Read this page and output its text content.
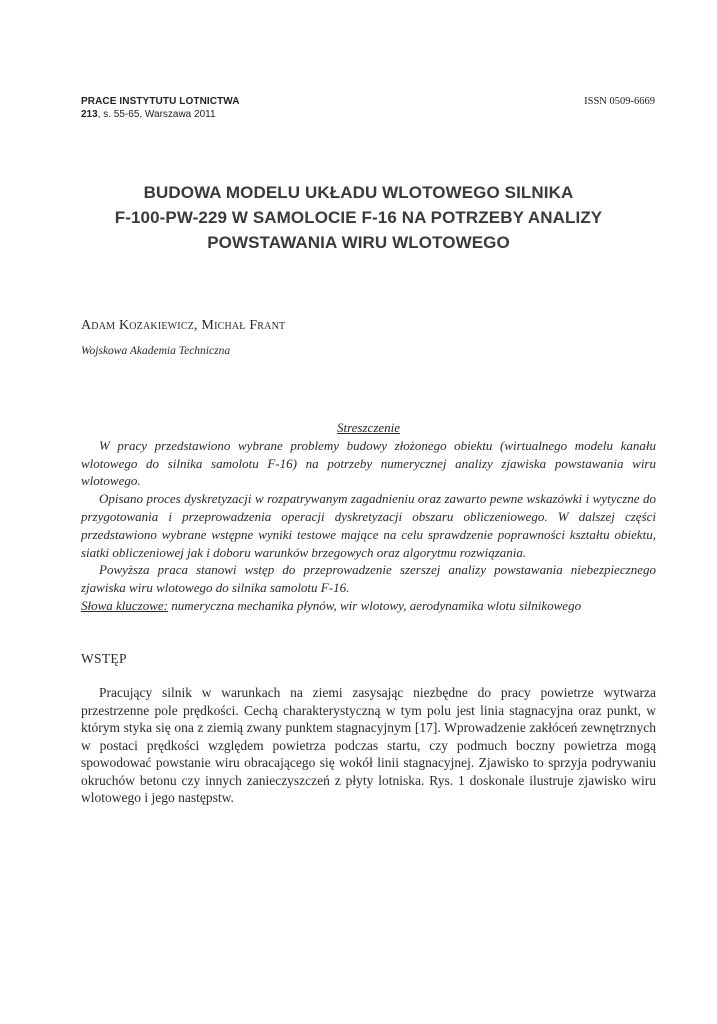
PRACE INSTYTUTU LOTNICTWA
213, s. 55-65, Warszawa 2011
ISSN 0509-6669
BUDOWA MODELU UKŁADU WLOTOWEGO SILNIKA
F-100-PW-229 W SAMOLOCIE F-16 NA POTRZEBY ANALIZY
POWSTAWANIA WIRU WLOTOWEGO
Adam Kozakiewicz, Michał Frant
Wojskowa Akademia Techniczna
Streszczenie

W pracy przedstawiono wybrane problemy budowy złożonego obiektu (wirtualnego modelu kanału wlotowego do silnika samolotu F-16) na potrzeby numerycznej analizy zjawiska powstawania wiru wlotowego.

Opisano proces dyskretyzacji w rozpatrywanym zagadnieniu oraz zawarto pewne wskazówki i wytyczne do przygotowania i przeprowadzenia operacji dyskretyzacji obszaru obliczeniowego. W dalszej części przedstawiono wybrane wstępne wyniki testowe mające na celu sprawdzenie poprawności kształtu obiektu, siatki obliczeniowej jak i doboru warunków brzegowych oraz algorytmu rozwiązania.

Powyższa praca stanowi wstęp do przeprowadzenie szerszej analizy powstawania niebezpiecznego zjawiska wiru wlotowego do silnika samolotu F-16.

Słowa kluczowe: numeryczna mechanika płynów, wir wlotowy, aerodynamika wlotu silnikowego

WSTĘP

Pracujący silnik w warunkach na ziemi zasysając niezbędne do pracy powietrze wytwarza przestrzenne pole prędkości. Cechą charakterystyczną w tym polu jest linia stagnacyjna oraz punkt, w którym styka się ona z ziemią zwany punktem stagnacyjnym [17]. Wprowadzenie zakłóceń zewnętrznych w postaci prędkości względem powietrza podczas startu, czy podmuch boczny powietrza mogą spowodować powstanie wiru obracającego się wokół linii stagnacyjnej. Zjawisko to sprzyja podrywaniu okruchów betonu czy innych zanieczyszczeń z płyty lotniska. Rys. 1 doskonale ilustruje zjawisko wiru wlotowego i jego następstw.
